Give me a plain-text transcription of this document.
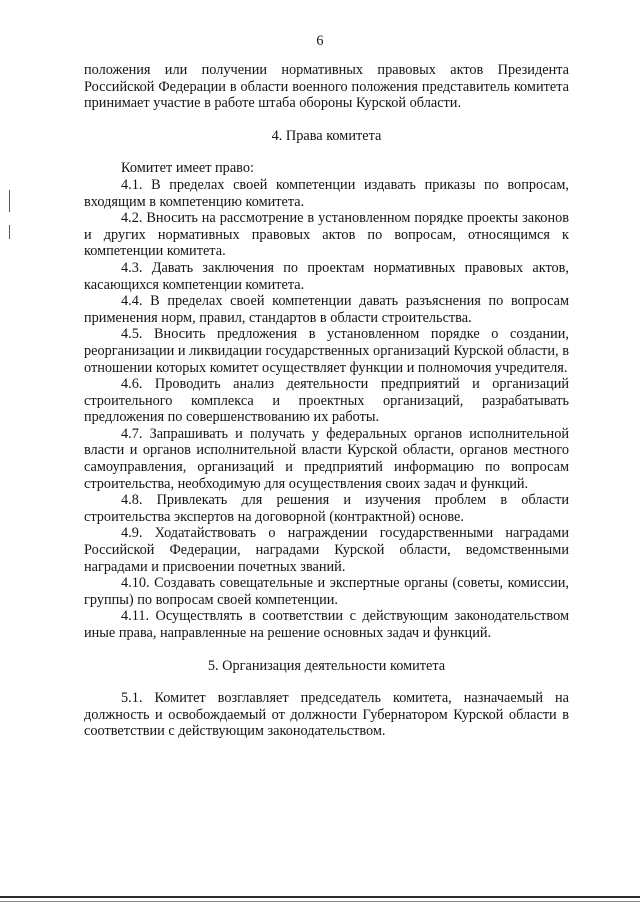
6

положения или получении нормативных правовых актов Президента Российской Федерации в области военного положения представитель комитета принимает участие в работе штаба обороны Курской области.

4. Права комитета

Комитет имеет право:

4.1. В пределах своей компетенции издавать приказы по вопросам, входящим в компетенцию комитета.

4.2. Вносить на рассмотрение в установленном порядке проекты законов и других нормативных правовых актов по вопросам, относящимся к компетенции комитета.

4.3. Давать заключения по проектам нормативных правовых актов, касающихся компетенции комитета.

4.4. В пределах своей компетенции давать разъяснения по вопросам применения норм, правил, стандартов в области строительства.

4.5. Вносить предложения в установленном порядке о создании, реорганизации и ликвидации государственных организаций Курской области, в отношении которых комитет осуществляет функции и полномочия учредителя.

4.6. Проводить анализ деятельности предприятий и организаций строительного комплекса и проектных организаций, разрабатывать предложения по совершенствованию их работы.

4.7. Запрашивать и получать у федеральных органов исполнительной власти и органов исполнительной власти Курской области, органов местного самоуправления, организаций и предприятий информацию по вопросам строительства, необходимую для осуществления своих задач и функций.

4.8. Привлекать для решения и изучения проблем в области строительства экспертов на договорной (контрактной) основе.

4.9. Ходатайствовать о награждении государственными наградами Российской Федерации, наградами Курской области, ведомственными наградами и присвоении почетных званий.

4.10. Создавать совещательные и экспертные органы (советы, комиссии, группы) по вопросам своей компетенции.

4.11. Осуществлять в соответствии с действующим законодательством иные права, направленные на решение основных задач и функций.

5. Организация деятельности комитета

5.1. Комитет возглавляет председатель комитета, назначаемый на должность и освобождаемый от должности Губернатором Курской области в соответствии с действующим законодательством.
